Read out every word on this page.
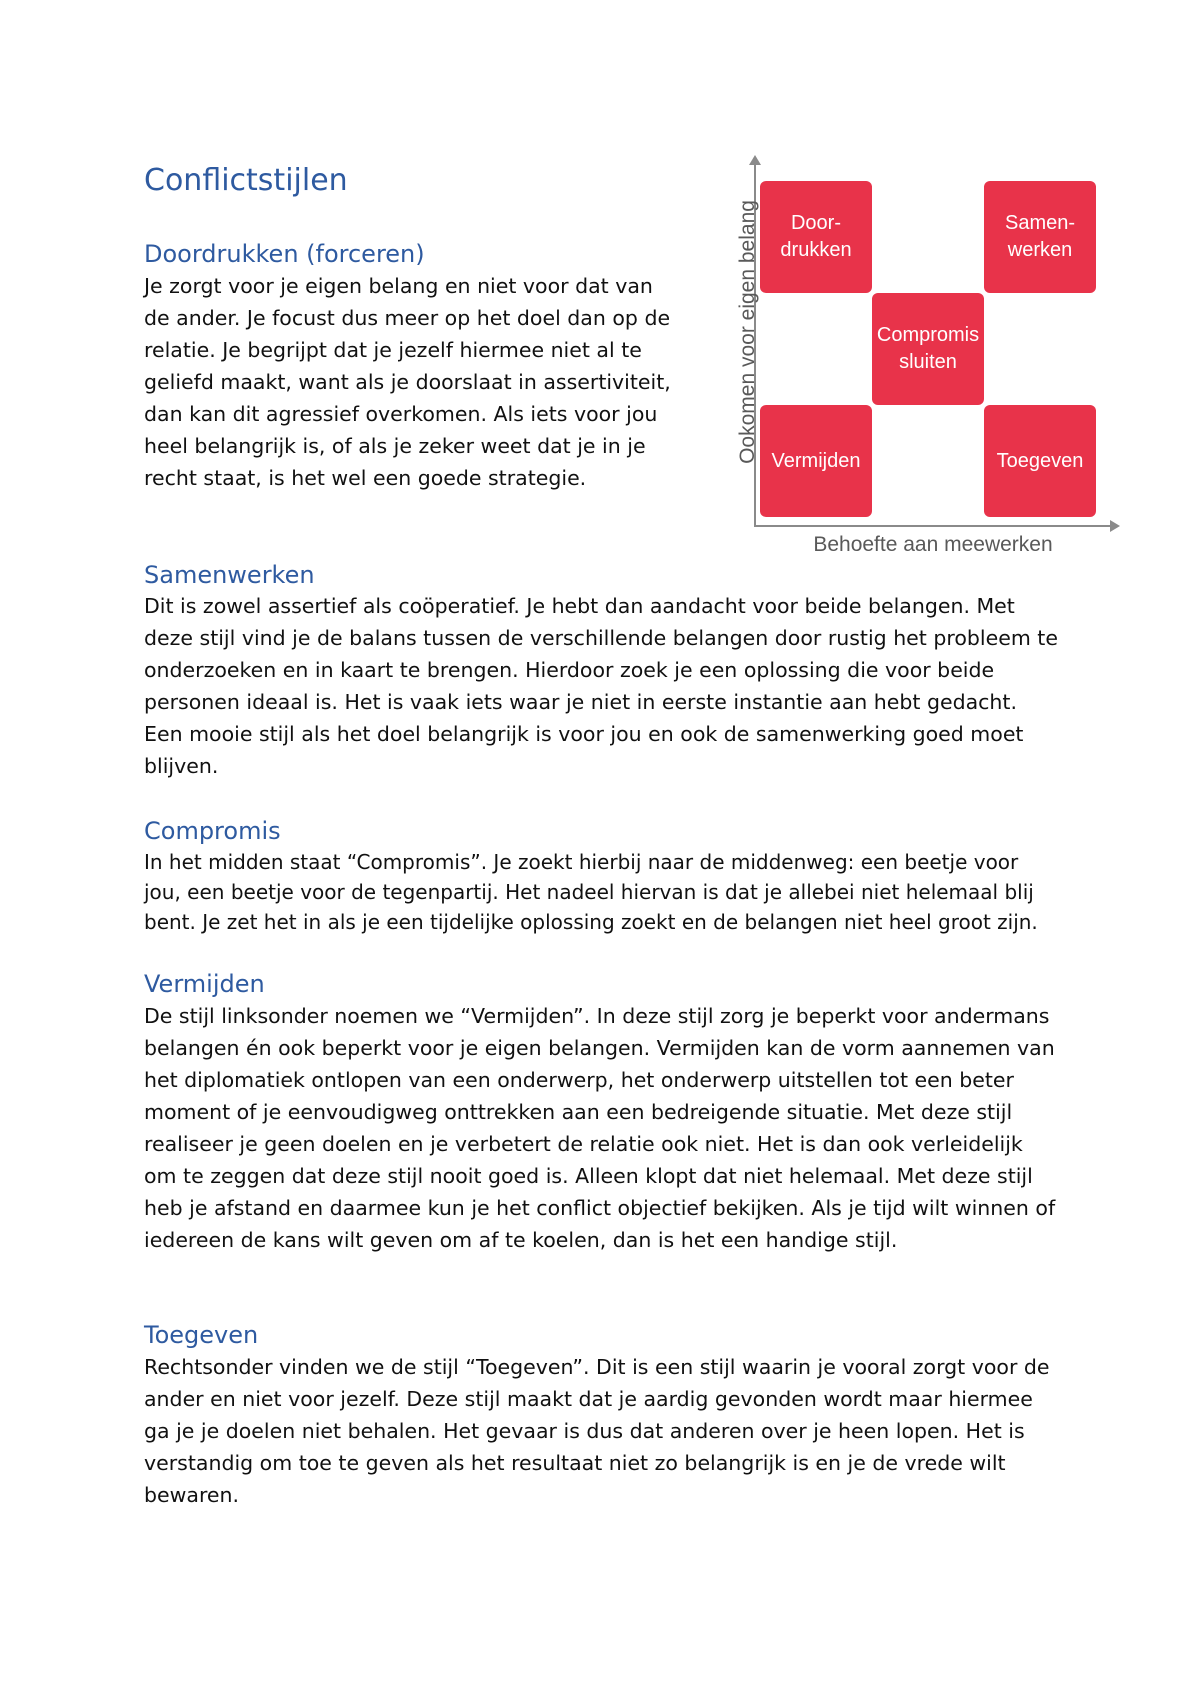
Conflictstijlen
Doordrukken (forceren)

Je zorgt voor je eigen belang en niet voor dat van de ander. Je focust dus meer op het doel dan op de relatie. Je begrijpt dat je jezelf hiermee niet al te geliefd maakt, want als je doorslaat in assertiviteit, dan kan dit agressief overkomen. Als iets voor jou heel belangrijk is, of als je zeker weet dat je in je recht staat, is het wel een goede strategie.

Ookomen voor eigen belang
Behoefte aan meewerken
Door-
drukken
Samen-
werken
Compromis
sluiten
Vermijden	Toegeven
Samenwerken

Dit is zowel assertief als coöperatief. Je hebt dan aandacht voor beide belangen. Met deze stijl vind je de balans tussen de verschillende belangen door rustig het probleem te onderzoeken en in kaart te brengen. Hierdoor zoek je een oplossing die voor beide personen ideaal is. Het is vaak iets waar je niet in eerste instantie aan hebt gedacht. Een mooie stijl als het doel belangrijk is voor jou en ook de samenwerking goed moet blijven.

Compromis

In het midden staat “Compromis”. Je zoekt hierbij naar de middenweg: een beetje voor jou, een beetje voor de tegenpartij. Het nadeel hiervan is dat je allebei niet helemaal blij bent. Je zet het in als je een tijdelijke oplossing zoekt en de belangen niet heel groot zijn.

Vermijden

De stijl linksonder noemen we “Vermijden”. In deze stijl zorg je beperkt voor andermans belangen én ook beperkt voor je eigen belangen. Vermijden kan de vorm aannemen van het diplomatiek ontlopen van een onderwerp, het onderwerp uitstellen tot een beter moment of je eenvoudigweg onttrekken aan een bedreigende situatie. Met deze stijl realiseer je geen doelen en je verbetert de relatie ook niet. Het is dan ook verleidelijk om te zeggen dat deze stijl nooit goed is. Alleen klopt dat niet helemaal. Met deze stijl heb je afstand en daarmee kun je het conflict objectief bekijken. Als je tijd wilt winnen of iedereen de kans wilt geven om af te koelen, dan is het een handige stijl.

Toegeven

Rechtsonder vinden we de stijl “Toegeven”. Dit is een stijl waarin je vooral zorgt voor de ander en niet voor jezelf. Deze stijl maakt dat je aardig gevonden wordt maar hiermee ga je je doelen niet behalen. Het gevaar is dus dat anderen over je heen lopen. Het is verstandig om toe te geven als het resultaat niet zo belangrijk is en je de vrede wilt bewaren.
